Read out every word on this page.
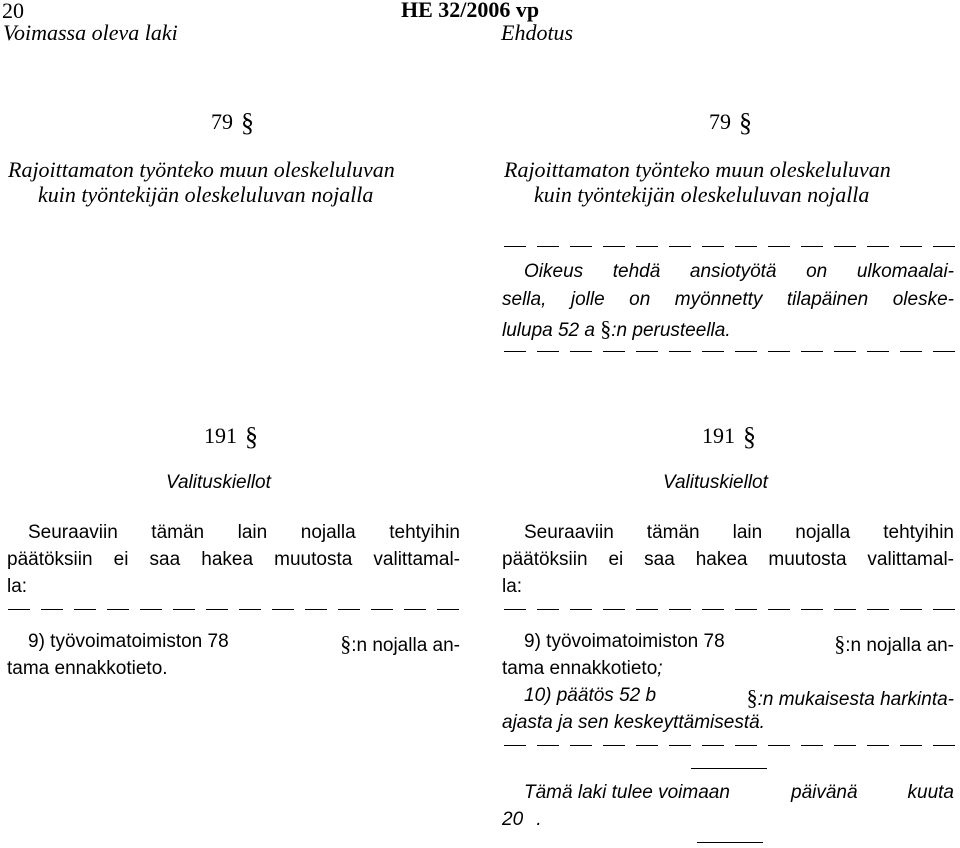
20	HE 32/2006 vp
Voimassa oleva laki	Ehdotus
79 §
Rajoittamaton työnteko muun oleskeluluvan
kuin työntekijän oleskeluluvan nojalla
79 §
Rajoittamaton työnteko muun oleskeluluvan
kuin työntekijän oleskeluluvan nojalla
Oikeus tehdä ansiotyötä on ulkomaalai-
sella, jolle on myönnetty tilapäinen oleske-
lulupa 52 a §:n perusteella.
191 §
Valituskiellot
Seuraaviin tämän lain nojalla tehtyihin
päätöksiin ei saa hakea muutosta valittamal-
la:
9) työvoimatoimiston 78	§:n nojalla an-
tama ennakkotieto.
191 §
Valituskiellot
Seuraaviin tämän lain nojalla tehtyihin
päätöksiin ei saa hakea muutosta valittamal-
la:
9) työvoimatoimiston 78	§:n nojalla an-
tama ennakkotieto;
10) päätös 52 b	§:n mukaisesta harkinta-
ajasta ja sen keskeyttämisestä.
Tämä laki tulee voimaan	päivänä	kuuta
20 .
